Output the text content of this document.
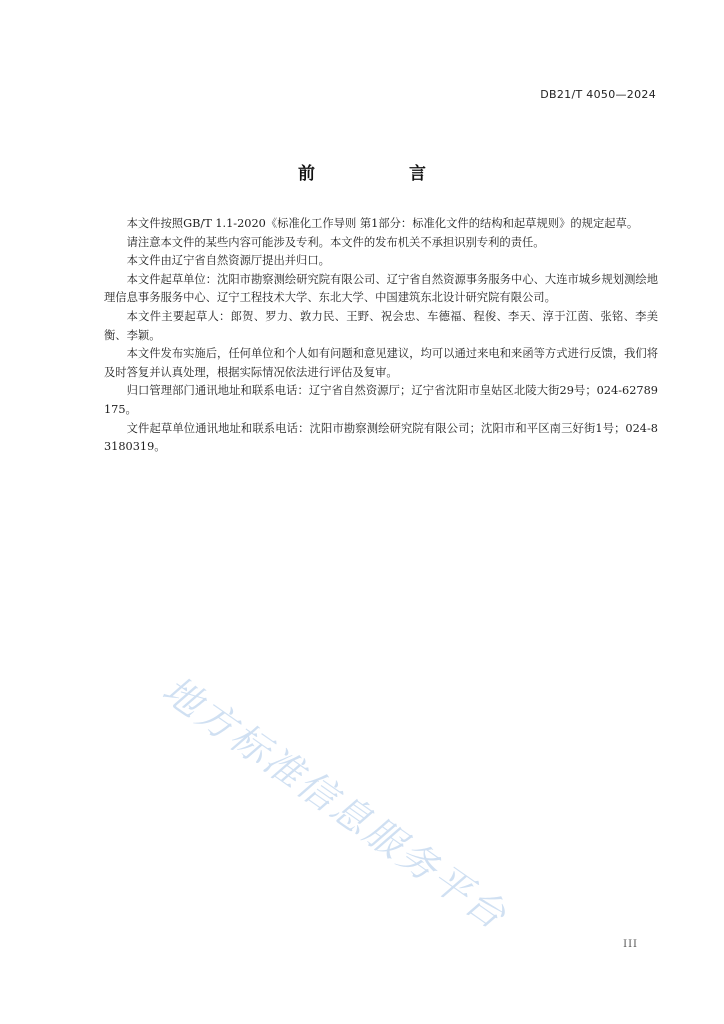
DB21/T 4050—2024
前 言

本文件按照GB/T 1.1-2020《标准化工作导则 第1部分：标准化文件的结构和起草规则》的规定起草。

请注意本文件的某些内容可能涉及专利。本文件的发布机关不承担识别专利的责任。

本文件由辽宁省自然资源厅提出并归口。

本文件起草单位：沈阳市勘察测绘研究院有限公司、辽宁省自然资源事务服务中心、大连市城乡规划测绘地理信息事务服务中心、辽宁工程技术大学、东北大学、中国建筑东北设计研究院有限公司。

本文件主要起草人：郎贺、罗力、敦力民、王野、祝会忠、车德福、程俊、李天、淳于江茵、张铭、李美衡、李颖。

本文件发布实施后，任何单位和个人如有问题和意见建议，均可以通过来电和来函等方式进行反馈，我们将及时答复并认真处理，根据实际情况依法进行评估及复审。

归口管理部门通讯地址和联系电话：辽宁省自然资源厅；辽宁省沈阳市皇姑区北陵大街29号；024-62789175。

文件起草单位通讯地址和联系电话：沈阳市勘察测绘研究院有限公司；沈阳市和平区南三好街1号；024-83180319。

地方标准信息服务平台
III
